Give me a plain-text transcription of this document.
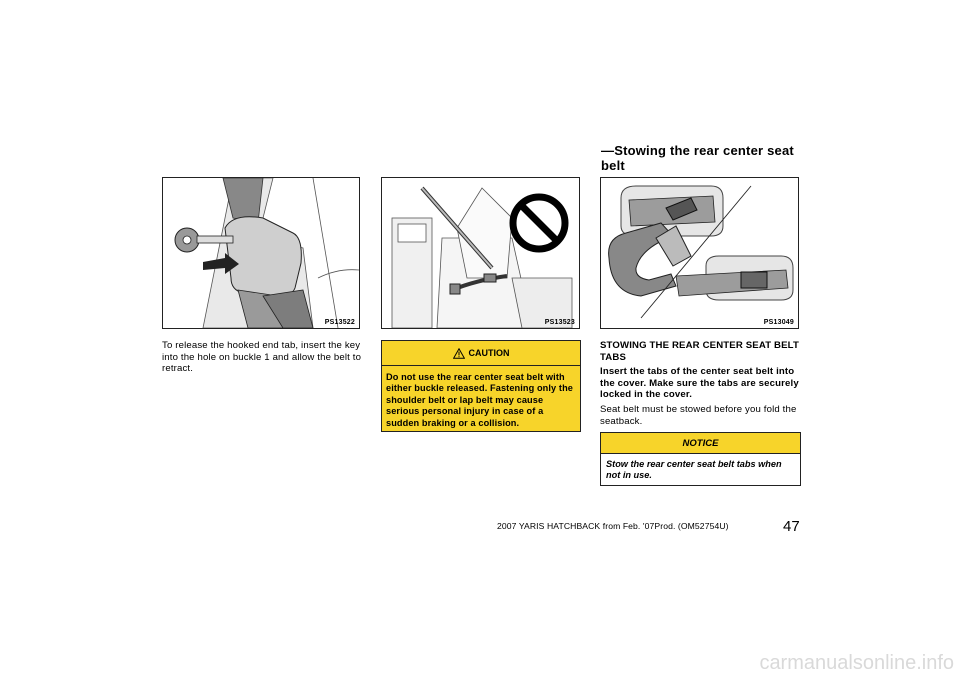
—Stowing the rear center seat belt
PS13522	PS13523	PS13049
To release the hooked end tab, insert the key into the hole on buckle 1 and allow the belt to retract.
CAUTION
Do not use the rear center seat belt with either buckle released. Fastening only the shoulder belt or lap belt may cause serious personal injury in case of a sudden braking or a collision.
STOWING THE REAR CENTER SEAT BELT TABS
Insert the tabs of the center seat belt into the cover. Make sure the tabs are securely locked in the cover.
Seat belt must be stowed before you fold the seatback.
NOTICE
Stow the rear center seat belt tabs when not in use.
2007 YARIS HATCHBACK from Feb. '07Prod. (OM52754U)	47
carmanualsonline.info
